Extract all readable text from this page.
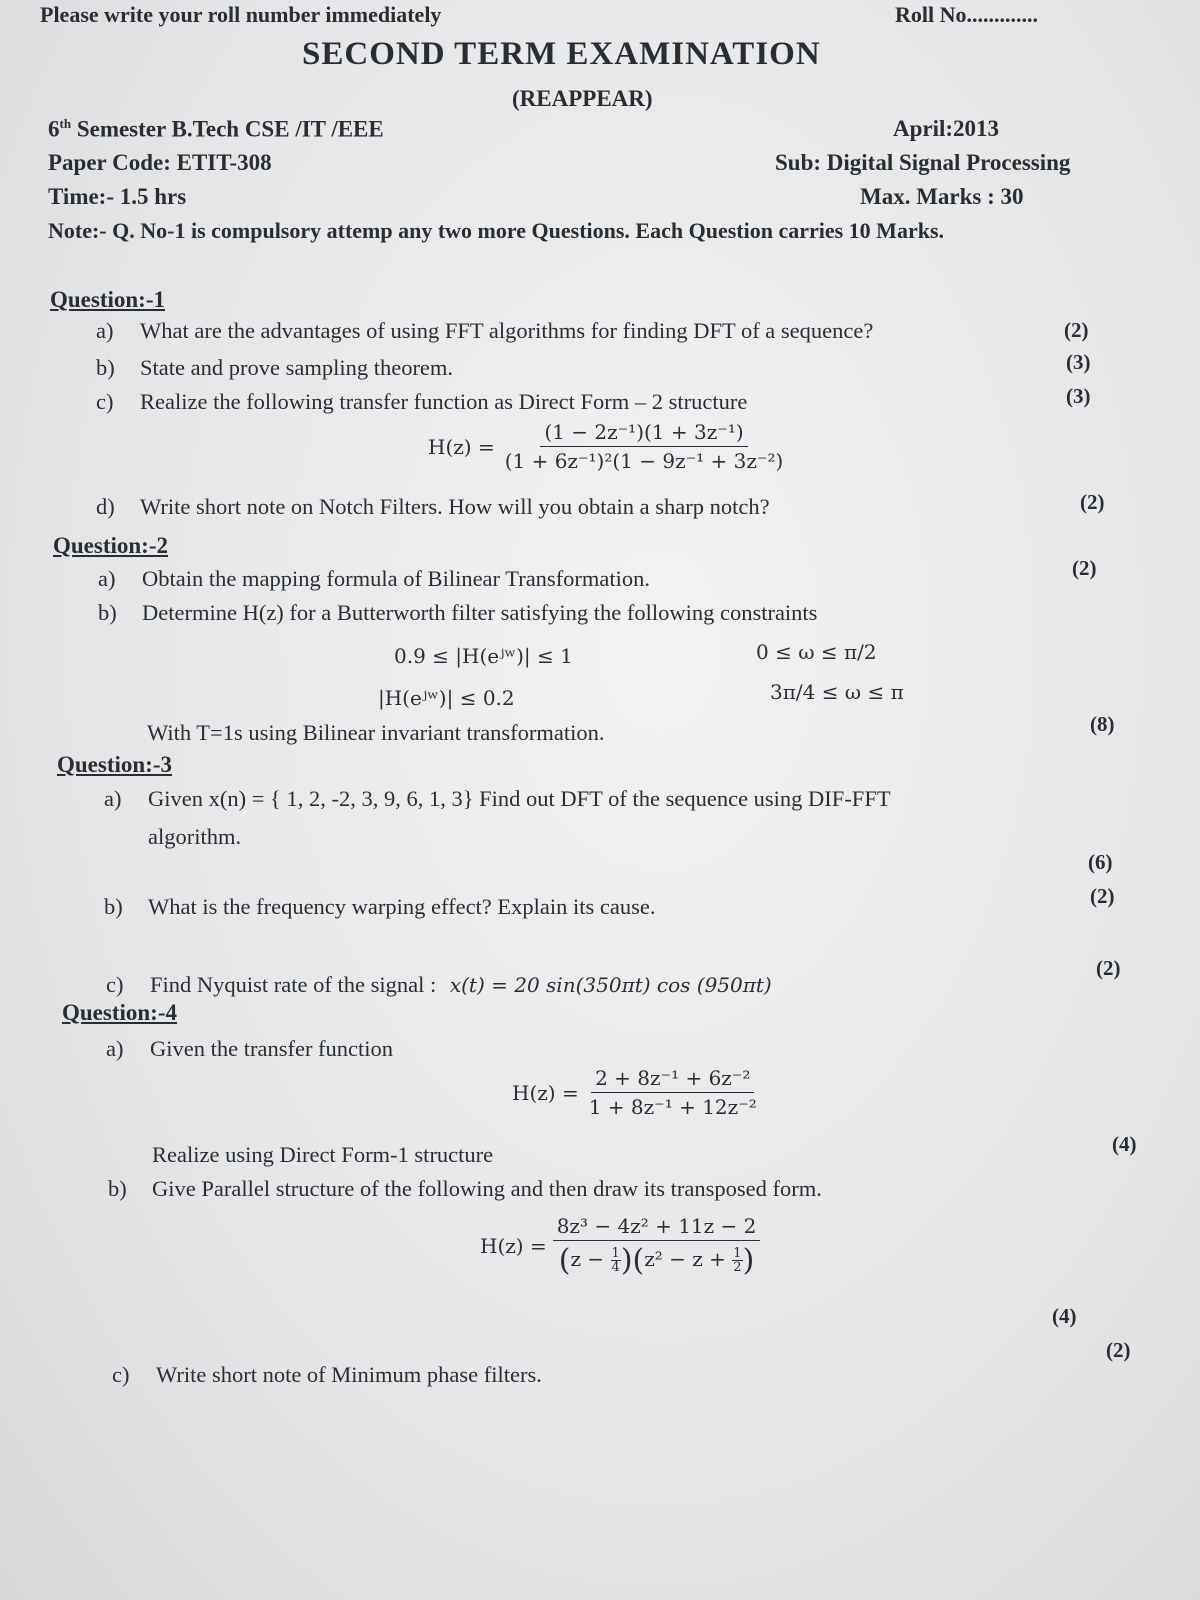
Please write your roll number immediately	Roll No.............
SECOND TERM EXAMINATION
(REAPPEAR)
6th Semester B.Tech CSE /IT /EEE	April:2013
Paper Code: ETIT-308	Sub: Digital Signal Processing
Time:- 1.5 hrs	Max. Marks : 30
Note:- Q. No-1 is compulsory attemp any two more Questions. Each Question carries 10 Marks.
Question:-1
a) What are the advantages of using FFT algorithms for finding DFT of a sequence?	(2)
b) State and prove sampling theorem.	(3)
c) Realize the following transfer function as Direct Form – 2 structure	(3)
$H(z) = \frac{\text{(1 − 2z⁻¹)(1 + 3z⁻¹)}}{\text{(1 + 6z⁻¹)²(1 − 9z⁻¹ + 3z⁻²)}}$
d) Write short note on Notch Filters. How will you obtain a sharp notch?	(2)
Question:-2
a) Obtain the mapping formula of Bilinear Transformation.	(2)
b) Determine H(z) for a Butterworth filter satisfying the following constraints
0.9 ≤ |H(eʲʷ)| ≤ 1	0 ≤ ω ≤ π/2
|H(eʲʷ)| ≤ 0.2	3π/4 ≤ ω ≤ π
With T=1s using Bilinear invariant transformation.	(8)
Question:-3
a) Given x(n) = { 1, 2, -2, 3, 9, 6, 1, 3} Find out DFT of the sequence using DIF-FFT
algorithm.
(6)
b) What is the frequency warping effect? Explain its cause.	(2)
c) Find Nyquist rate of the signal : x(t) = 20 sin(350πt) cos (950πt)
(2)
Question:-4
a) Given the transfer function
$H(z) = \frac{\text{2 + 8z⁻¹ + 6z⁻²}}{\text{1 + 8z⁻¹ + 12z⁻²}}$
Realize using Direct Form-1 structure	(4)
b) Give Parallel structure of the following and then draw its transposed form.
$H(z) = \frac{\text{8z³ − 4z² + 11z − 2}}{(z - \frac{1}{4} )(z^2 - z + \frac{1}{2} )}$
(4)
c) Write short note of Minimum phase filters.
(2)
